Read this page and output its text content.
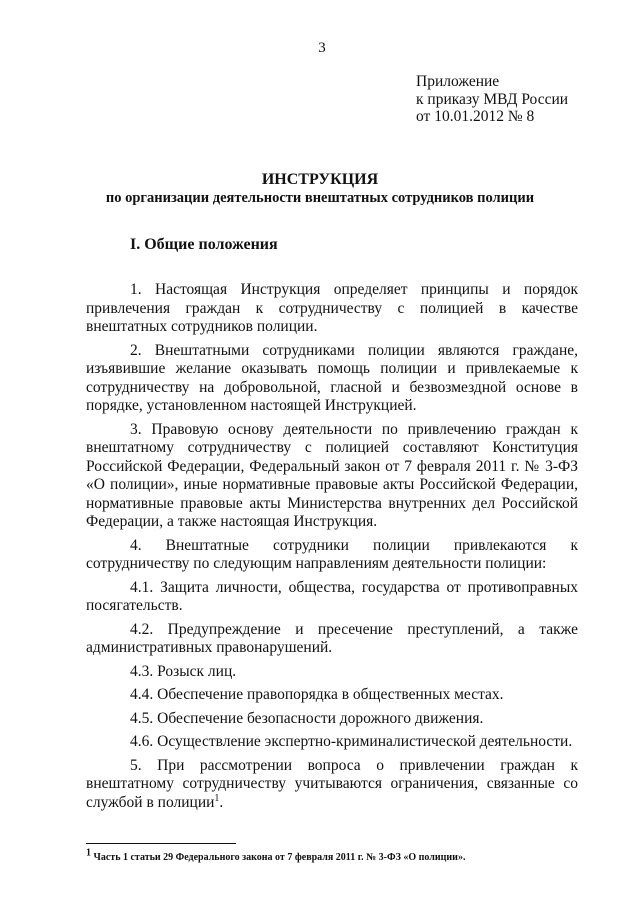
3
Приложение
к приказу МВД России
от 10.01.2012 № 8
ИНСТРУКЦИЯ
по организации деятельности внештатных сотрудников полиции
I. Общие положения

1. Настоящая Инструкция определяет принципы и порядок привлечения граждан к сотрудничеству с полицией в качестве внештатных сотрудников полиции.

2. Внештатными сотрудниками полиции являются граждане, изъявившие желание оказывать помощь полиции и привлекаемые к сотрудничеству на добровольной, гласной и безвозмездной основе в порядке, установленном настоящей Инструкцией.

3. Правовую основу деятельности по привлечению граждан к внештатному сотрудничеству с полицией составляют Конституция Российской Федерации, Федеральный закон от 7 февраля 2011 г. № 3-ФЗ «О полиции», иные нормативные правовые акты Российской Федерации, нормативные правовые акты Министерства внутренних дел Российской Федерации, а также настоящая Инструкция.

4. Внештатные сотрудники полиции привлекаются к сотрудничеству по следующим направлениям деятельности полиции:

4.1. Защита личности, общества, государства от противоправных посягательств.

4.2. Предупреждение и пресечение преступлений, а также административных правонарушений.

4.3. Розыск лиц.

4.4. Обеспечение правопорядка в общественных местах.

4.5. Обеспечение безопасности дорожного движения.

4.6. Осуществление экспертно-криминалистической деятельности.

5. При рассмотрении вопроса о привлечении граждан к внештатному сотрудничеству учитываются ограничения, связанные со службой в полиции$^1$.

$^1$ Часть 1 статьи 29 Федерального закона от 7 февраля 2011 г. № 3-ФЗ «О полиции».
